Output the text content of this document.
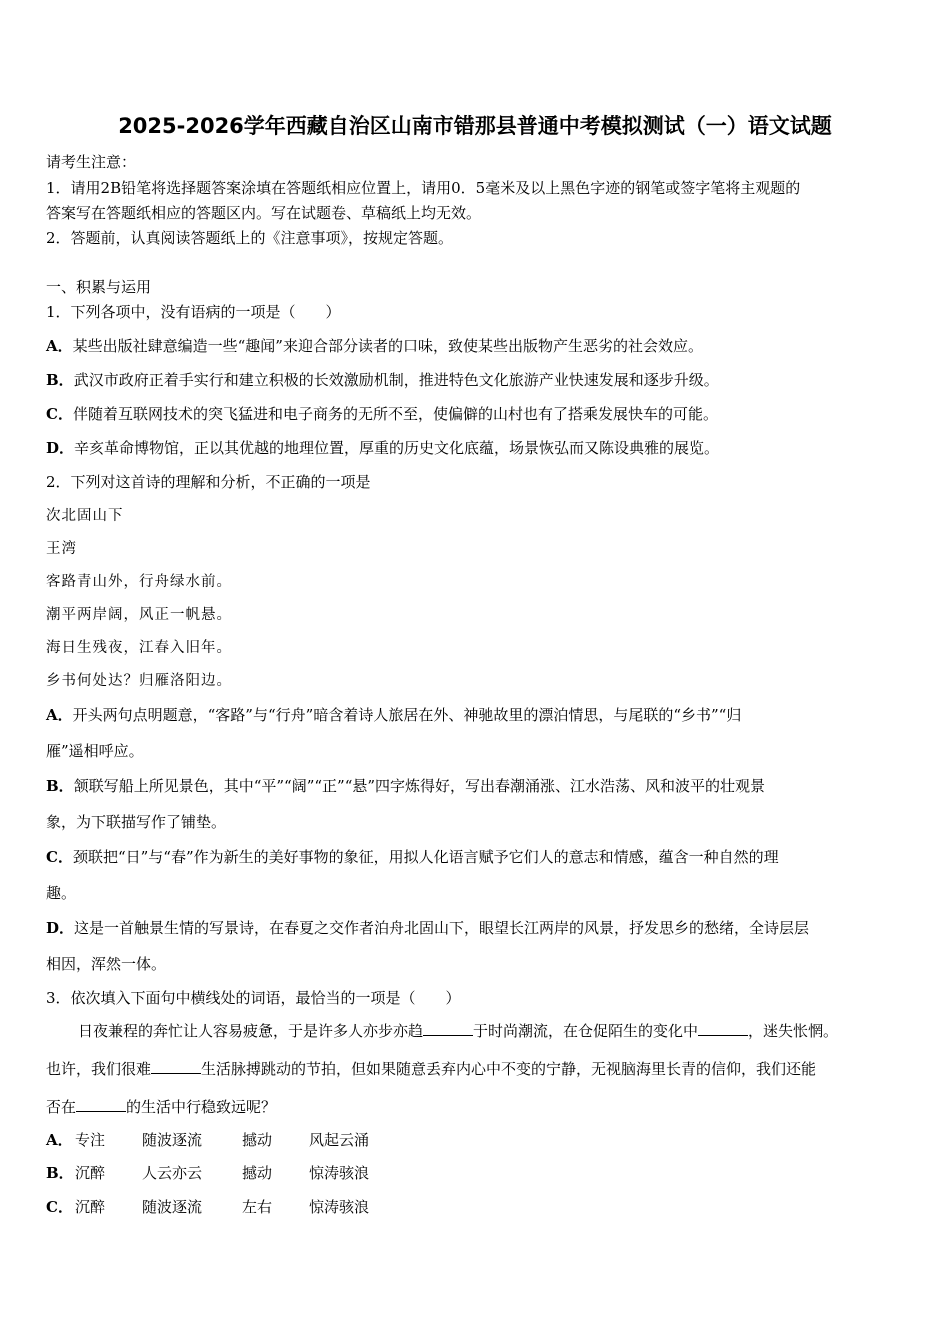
2025-2026学年西藏自治区山南市错那县普通中考模拟测试（一）语文试题
请考生注意：
1．请用2B铅笔将选择题答案涂填在答题纸相应位置上，请用0．5毫米及以上黑色字迹的钢笔或签字笔将主观题的
答案写在答题纸相应的答题区内。写在试题卷、草稿纸上均无效。
2．答题前，认真阅读答题纸上的《注意事项》，按规定答题。
一、积累与运用
1．下列各项中，没有语病的一项是（　　）
A．某些出版社肆意编造一些“趣闻”来迎合部分读者的口味，致使某些出版物产生恶劣的社会效应。
B．武汉市政府正着手实行和建立积极的长效激励机制，推进特色文化旅游产业快速发展和逐步升级。
C．伴随着互联网技术的突飞猛进和电子商务的无所不至，使偏僻的山村也有了搭乘发展快车的可能。
D．辛亥革命博物馆，正以其优越的地理位置，厚重的历史文化底蕴，场景恢弘而又陈设典雅的展览。
2．下列对这首诗的理解和分析，不正确的一项是
次北固山下
王湾
客路青山外，行舟绿水前。
潮平两岸阔，风正一帆悬。
海日生残夜，江春入旧年。
乡书何处达？归雁洛阳边。
A．开头两句点明题意，“客路”与“行舟”暗含着诗人旅居在外、神驰故里的漂泊情思，与尾联的“乡书”“归
雁”遥相呼应。
B．颔联写船上所见景色，其中“平”“阔”“正”“悬”四字炼得好，写出春潮涌涨、江水浩荡、风和波平的壮观景
象，为下联描写作了铺垫。
C．颈联把“日”与“春”作为新生的美好事物的象征，用拟人化语言赋予它们人的意志和情感，蕴含一种自然的理
趣。
D．这是一首触景生情的写景诗，在春夏之交作者泊舟北固山下，眼望长江两岸的风景，抒发思乡的愁绪，全诗层层
相因，浑然一体。
3．依次填入下面句中横线处的词语，最恰当的一项是（　　）
日夜兼程的奔忙让人容易疲惫，于是许多人亦步亦趋	于时尚潮流，在仓促陌生的变化中	，迷失怅惘。
也许，我们很难	生活脉搏跳动的节拍，但如果随意丢弃内心中不变的宁静，无视脑海里长青的信仰，我们还能
否在	的生活中行稳致远呢？
A． 专注 随波逐流	撼动 风起云涌
B． 沉醉 人云亦云	撼动 惊涛骇浪
C． 沉醉 随波逐流	左右 惊涛骇浪
